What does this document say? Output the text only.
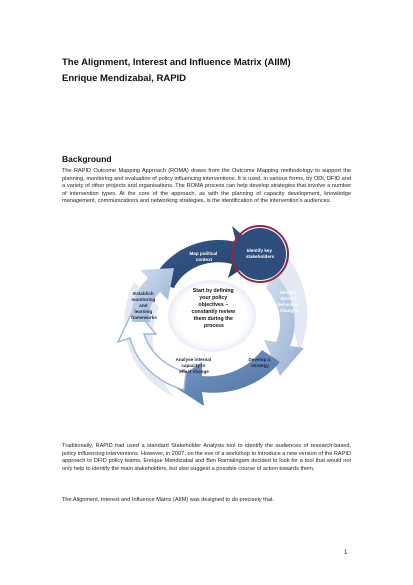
The Alignment, Interest and Influence Matrix (AIIM)
Enrique Mendizabal, RAPID
Background

The RAPID Outcome Mapping Approach (ROMA) draws from the Outcome Mapping methodology to support the planning, monitoring and evaluation of policy influencing interventions. It is used, in various forms, by ODI, DFID and a variety of other projects and organisations. The ROMA process can help develop strategies that involve a number of intervention types. At the core of the approach, as with the planning of capacity development, knowledge management, communications and networking strategies, is the identification of the intervention's audiences.

Map political context
Identify key stakeholders
Identify desired behaviour changes
Develop a strategy
Analyse internal capacity to effect change
Establish monitoring and learning frameworks
Start by defining your policy objectives – constantly review them during the process

Traditionally, RAPID had used a standard Stakeholder Analysis tool to identify the audiences of research-based, policy influencing interventions. However, in 2007, on the eve of a workshop to introduce a new version of the RAPID approach to DFID policy teams, Enrique Mendizabal and Ben Ramalingam decided to look for a tool that would not only help to identify the main stakeholders, but also suggest a possible course of action towards them.

The Alignment, Interest and Influence Matrix (AIIM) was designed to do precisely that.

1
